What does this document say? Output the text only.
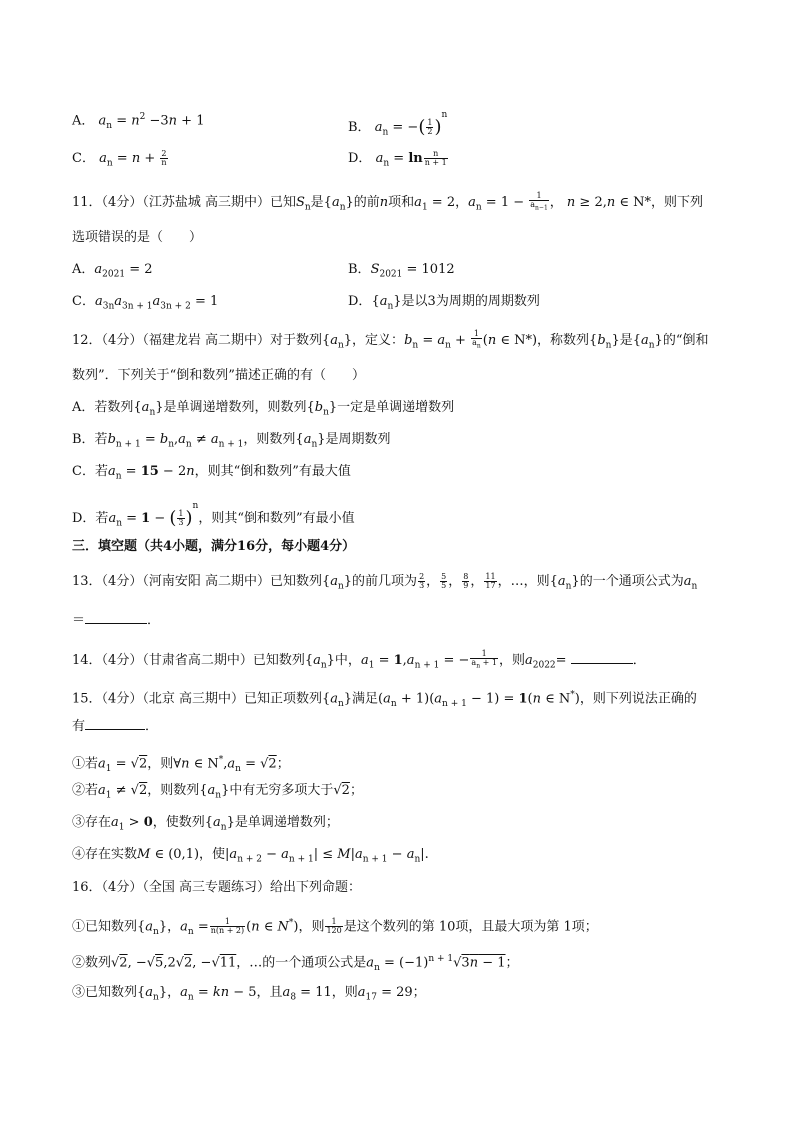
A． $a_n = n^2 -3n + 1$	B． $a_n$ = −( $\frac{1}{2} )^n$
C． $a_n = n + \frac{2}{n}$	D． $a_n = \ln \frac{n}{n + 1}$
11．（4分）（江苏盐城 高三期中）已知$S_n$是$\{a_n\}$的前n项和$a_1 = 2$，$a_n = 1 - \frac{1}{a_{n-1}}$ ， n ≥ 2,n ∈ N*，则下列
选项错误的是（　　）
A．$a_{2021} = 2$	B．$S_{2021} = 1012$
C．$a_{3n}a_{3n + 1}a_{3n + 2} = 1$	D．$\{a_n\}$是以3为周期的周期数列
12．（4分）（福建龙岩 高二期中）对于数列$\{a_n\}$，定义：$b_n = a_n + \frac{1}{a_n} (n$ ∈ N*)，称数列$\{b_n\}$是$\{a_n\}$的“倒和
数列”．下列关于“倒和数列”描述正确的有（　　）
A．若数列$\{a_n\}$是单调递增数列，则数列$\{b_n\}$一定是单调递增数列
B．若$b_{n + 1} = b_n,a_n \ne a_{n + 1}$，则数列$\{a_n\}$是周期数列
C．若$a_n = 15 - 2n$，则其“倒和数列”有最大值
D．若$a_n = 1$ − ( $\frac{1}{3} )^n$，则其“倒和数列”有最小值
三．填空题（共4小题，满分16分，每小题4分）
13．（4分）（河南安阳 高二期中）已知数列$\{a_n\}$的前几项为 $\frac{2}{3}$ ， $\frac{5}{5}$ ， $\frac{8}{9}$ ， $\frac{11}{17}$ ，…，则$\{a_n\}$的一个通项公式为$a_n$
＝	．
14．（4分）（甘肃省高二期中）已知数列$\{a_n\}$中，$a_1 = 1,a_{n + 1}$ = − $\frac{1}{a_n + 1}$ ，则$a_{2022}=$	．
15．（4分）（北京 高三期中）已知正项数列$\{a_n\}$满足$(a_n + 1)(a_{n + 1} - 1) = 1(n$ ∈ N*)，则下列说法正确的
有	．
①若$a_1 = √2$，则∀n ∈ $N^*,a_n = √2$；
②若$a_1 \ne √2$，则数列$\{a_n\}$中有无穷多项大于√2；
③存在$a_1 > 0$，使数列$\{a_n\}$是单调递增数列；
④存在实数M ∈ (0,1)，使$|a_{n + 2} - a_{n + 1}| \le M|a_{n + 1} - a_n|$.
16．（4分）（全国 高三专题练习）给出下列命题：
①已知数列$\{a_n\}$，$a_n = \frac{1}{n(n + 2)} (n$ ∈ N*)，则 $\frac{1}{120}$ 是这个数列的第 10项，且最大项为第 1项；
②数列√2, −√5,2√2, −√11，…的一个通项公式是$a_n = (-1)^{n + 1}√3n - 1$；
③已知数列$\{a_n\}$，$a_n$ = kn − 5，且$a_8 = 11$，则$a_{17} = 29$；
